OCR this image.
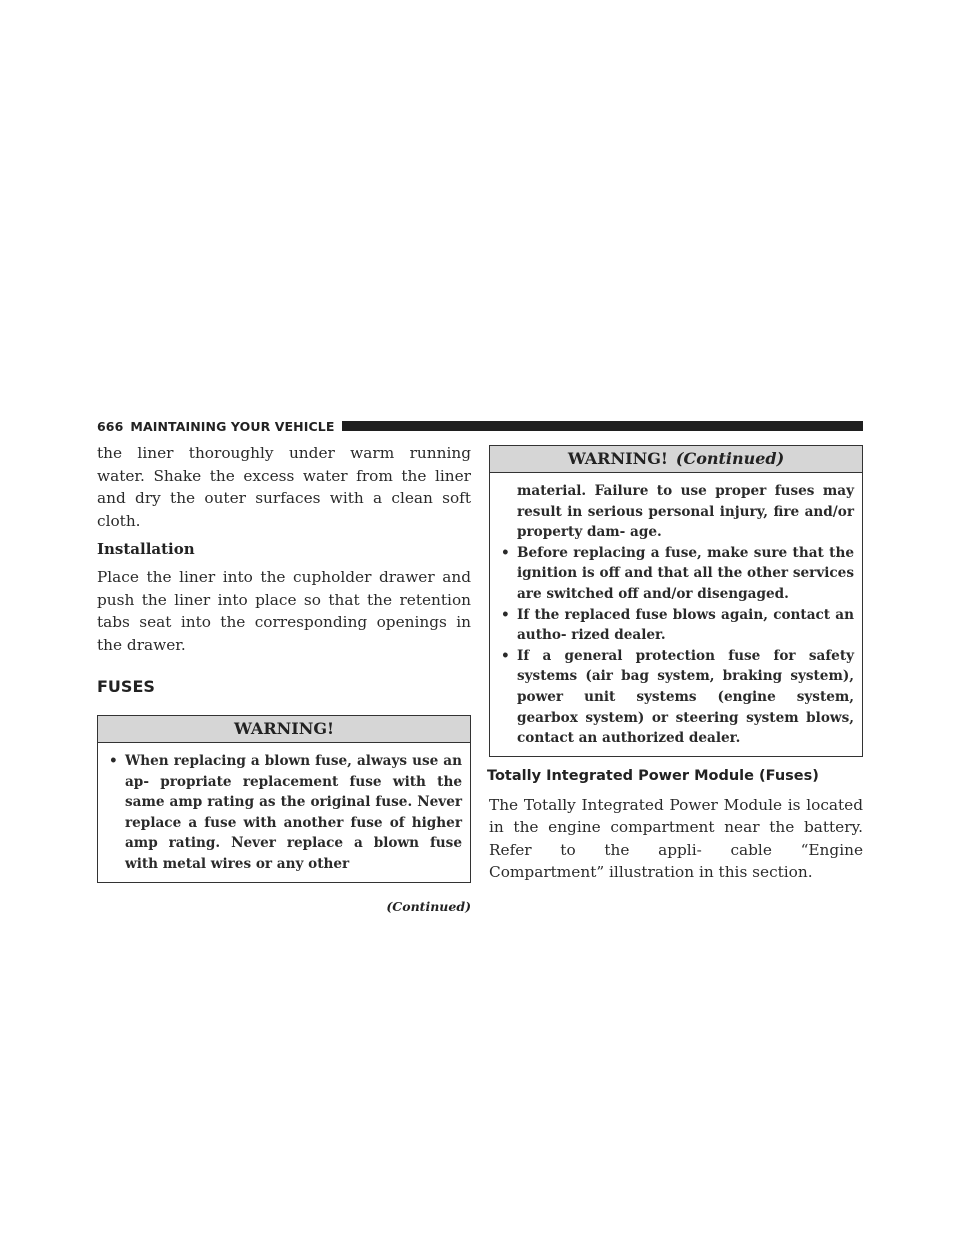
666 MAINTAINING YOUR VEHICLE

the liner thoroughly under warm running water. Shake the excess water from the liner and dry the outer surfaces with a clean soft cloth.

Installation

Place the liner into the cupholder drawer and push the liner into place so that the retention tabs seat into the corresponding openings in the drawer.

FUSES
WARNING!
• When replacing a blown fuse, always use an ap- propriate replacement fuse with the same amp rating as the original fuse. Never replace a fuse with another fuse of higher amp rating. Never replace a blown fuse with metal wires or any other
(Continued)
WARNING! (Continued)
material. Failure to use proper fuses may result in serious personal injury, fire and/or property dam- age.
• Before replacing a fuse, make sure that the ignition is off and that all the other services are switched off and/or disengaged.
• If the replaced fuse blows again, contact an autho- rized dealer.
• If a general protection fuse for safety systems (air bag system, braking system), power unit systems (engine system, gearbox system) or steering system blows, contact an authorized dealer.
Totally Integrated Power Module (Fuses)

The Totally Integrated Power Module is located in the engine compartment near the battery. Refer to the appli- cable “Engine Compartment” illustration in this section.
